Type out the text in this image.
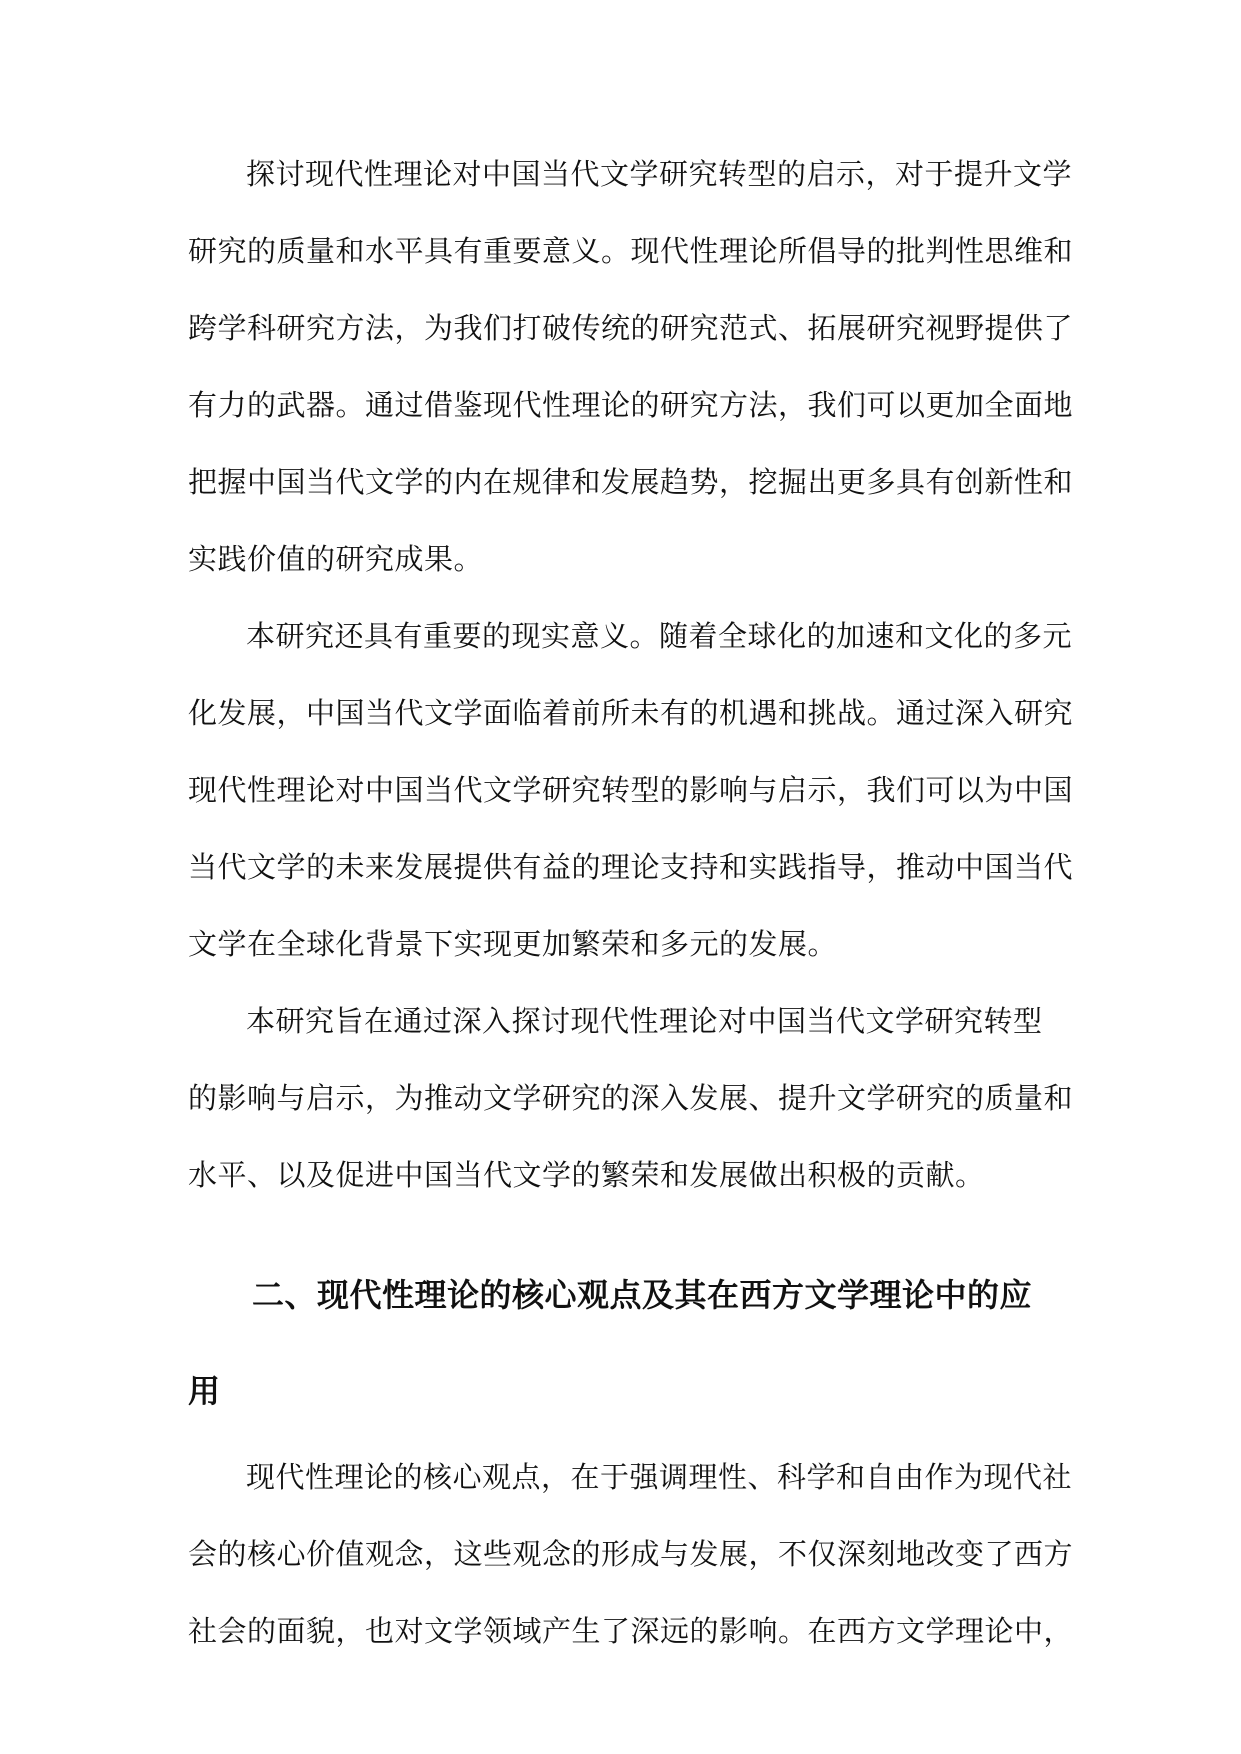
探讨现代性理论对中国当代文学研究转型的启示，对于提升文学
研究的质量和水平具有重要意义。现代性理论所倡导的批判性思维和
跨学科研究方法，为我们打破传统的研究范式、拓展研究视野提供了
有力的武器。通过借鉴现代性理论的研究方法，我们可以更加全面地
把握中国当代文学的内在规律和发展趋势，挖掘出更多具有创新性和
实践价值的研究成果。

本研究还具有重要的现实意义。随着全球化的加速和文化的多元
化发展，中国当代文学面临着前所未有的机遇和挑战。通过深入研究
现代性理论对中国当代文学研究转型的影响与启示，我们可以为中国
当代文学的未来发展提供有益的理论支持和实践指导，推动中国当代
文学在全球化背景下实现更加繁荣和多元的发展。

本研究旨在通过深入探讨现代性理论对中国当代文学研究转型
的影响与启示，为推动文学研究的深入发展、提升文学研究的质量和
水平、以及促进中国当代文学的繁荣和发展做出积极的贡献。

二、现代性理论的核心观点及其在西方文学理论中的应
用

现代性理论的核心观点，在于强调理性、科学和自由作为现代社
会的核心价值观念，这些观念的形成与发展，不仅深刻地改变了西方
社会的面貌，也对文学领域产生了深远的影响。在西方文学理论中，
